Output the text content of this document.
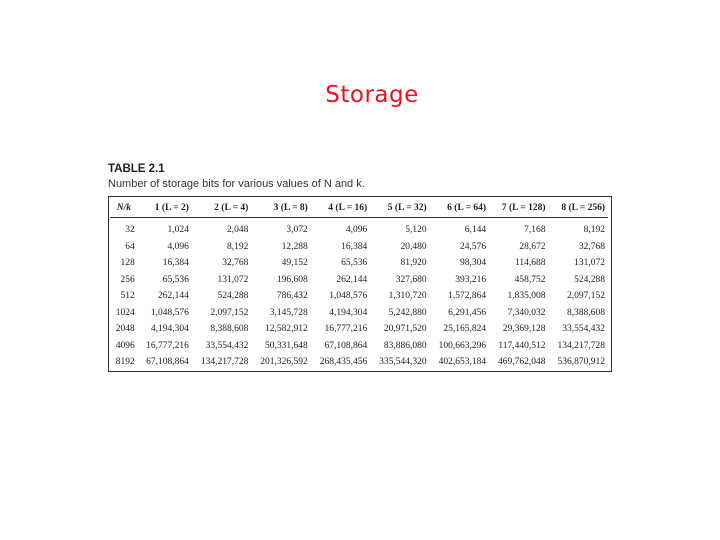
Storage
TABLE 2.1
Number of storage bits for various values of N and k.
N/k	1 (L = 2)	2 (L = 4)	3 (L = 8)	4 (L = 16)	5 (L = 32)	6 (L = 64)	7 (L = 128)	8 (L = 256)
32	1,024	2,048	3,072	4,096	5,120	6,144	7,168	8,192
64	4,096	8,192	12,288	16,384	20,480	24,576	28,672	32,768
128	16,384	32,768	49,152	65,536	81,920	98,304	114,688	131,072
256	65,536	131,072	196,608	262,144	327,680	393,216	458,752	524,288
512	262,144	524,288	786,432	1,048,576	1,310,720	1,572,864	1,835,008	2,097,152
1024	1,048,576	2,097,152	3,145,728	4,194,304	5,242,880	6,291,456	7,340,032	8,388,608
2048	4,194,304	8,388,608	12,582,912	16,777,216	20,971,520	25,165,824	29,369,128	33,554,432
4096	16,777,216	33,554,432	50,331,648	67,108,864	83,886,080	100,663,296	117,440,512	134,217,728
8192	67,108,864	134,217,728	201,326,592	268,435,456	335,544,320	402,653,184	469,762,048	536,870,912
